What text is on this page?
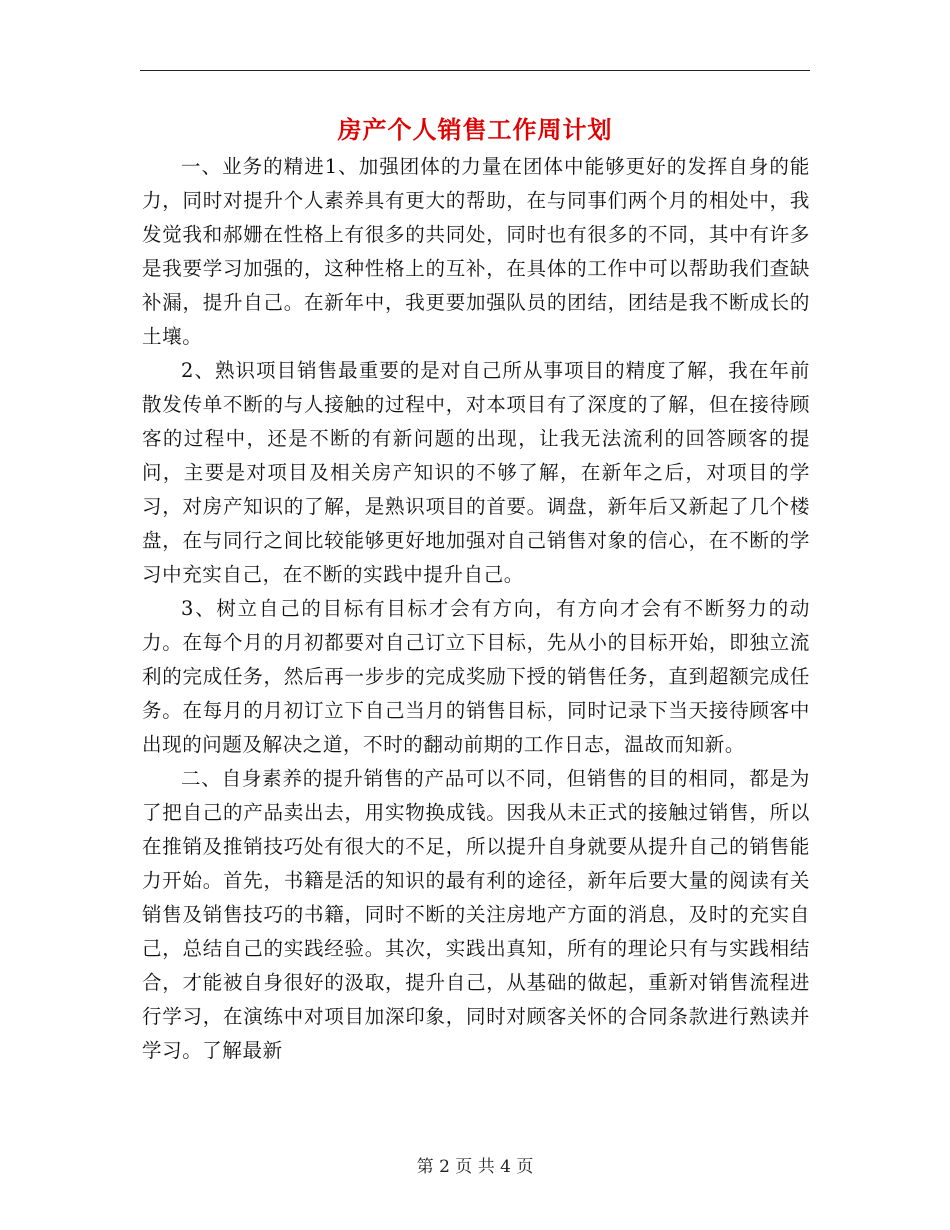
房产个人销售工作周计划

一、业务的精进1、加强团体的力量在团体中能够更好的发挥自身的能力，同时对提升个人素养具有更大的帮助，在与同事们两个月的相处中，我发觉我和郝姗在性格上有很多的共同处，同时也有很多的不同，其中有许多是我要学习加强的，这种性格上的互补，在具体的工作中可以帮助我们查缺补漏，提升自己。在新年中，我更要加强队员的团结，团结是我不断成长的土壤。

2、熟识项目销售最重要的是对自己所从事项目的精度了解，我在年前散发传单不断的与人接触的过程中，对本项目有了深度的了解，但在接待顾客的过程中，还是不断的有新问题的出现，让我无法流利的回答顾客的提问，主要是对项目及相关房产知识的不够了解，在新年之后，对项目的学习，对房产知识的了解，是熟识项目的首要。调盘，新年后又新起了几个楼盘，在与同行之间比较能够更好地加强对自己销售对象的信心，在不断的学习中充实自己，在不断的实践中提升自己。

3、树立自己的目标有目标才会有方向，有方向才会有不断努力的动力。在每个月的月初都要对自己订立下目标，先从小的目标开始，即独立流利的完成任务，然后再一步步的完成奖励下授的销售任务，直到超额完成任务。在每月的月初订立下自己当月的销售目标，同时记录下当天接待顾客中出现的问题及解决之道，不时的翻动前期的工作日志，温故而知新。

二、自身素养的提升销售的产品可以不同，但销售的目的相同，都是为了把自己的产品卖出去，用实物换成钱。因我从未正式的接触过销售，所以在推销及推销技巧处有很大的不足，所以提升自身就要从提升自己的销售能力开始。首先，书籍是活的知识的最有利的途径，新年后要大量的阅读有关销售及销售技巧的书籍，同时不断的关注房地产方面的消息，及时的充实自己，总结自己的实践经验。其次，实践出真知，所有的理论只有与实践相结合，才能被自身很好的汲取，提升自己，从基础的做起，重新对销售流程进行学习，在演练中对项目加深印象，同时对顾客关怀的合同条款进行熟读并学习。了解最新

第 2 页 共 4 页
